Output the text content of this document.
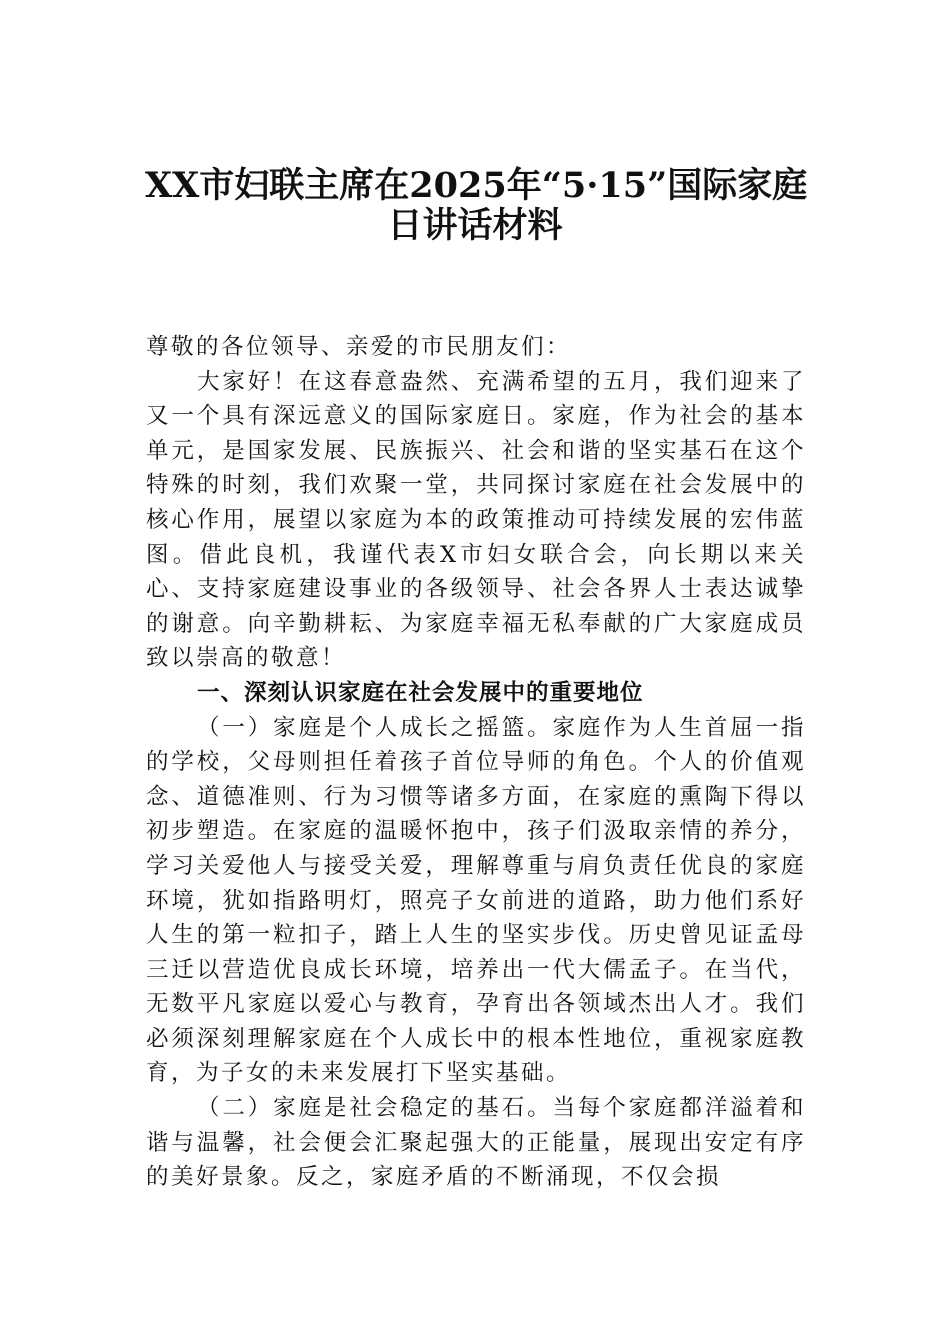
XX市妇联主席在2025年“5·15”国际家庭
日讲话材料

尊敬的各位领导、亲爱的市民朋友们：

大家好！在这春意盎然、充满希望的五月，我们迎来了又一个具有深远意义的国际家庭日。家庭，作为社会的基本单元，是国家发展、民族振兴、社会和谐的坚实基石在这个特殊的时刻，我们欢聚一堂，共同探讨家庭在社会发展中的核心作用，展望以家庭为本的政策推动可持续发展的宏伟蓝图。借此良机，我谨代表X市妇女联合会，向长期以来关心、支持家庭建设事业的各级领导、社会各界人士表达诚挚的谢意。向辛勤耕耘、为家庭幸福无私奉献的广大家庭成员致以崇高的敬意！

一、深刻认识家庭在社会发展中的重要地位

（一）家庭是个人成长之摇篮。家庭作为人生首屈一指的学校，父母则担任着孩子首位导师的角色。个人的价值观念、道德准则、行为习惯等诸多方面，在家庭的熏陶下得以初步塑造。在家庭的温暖怀抱中，孩子们汲取亲情的养分，学习关爱他人与接受关爱，理解尊重与肩负责任优良的家庭环境，犹如指路明灯，照亮子女前进的道路，助力他们系好人生的第一粒扣子，踏上人生的坚实步伐。历史曾见证孟母三迁以营造优良成长环境，培养出一代大儒孟子。在当代，无数平凡家庭以爱心与教育，孕育出各领域杰出人才。我们必须深刻理解家庭在个人成长中的根本性地位，重视家庭教育，为子女的未来发展打下坚实基础。

（二）家庭是社会稳定的基石。当每个家庭都洋溢着和谐与温馨，社会便会汇聚起强大的正能量，展现出安定有序的美好景象。反之，家庭矛盾的不断涌现，不仅会损
